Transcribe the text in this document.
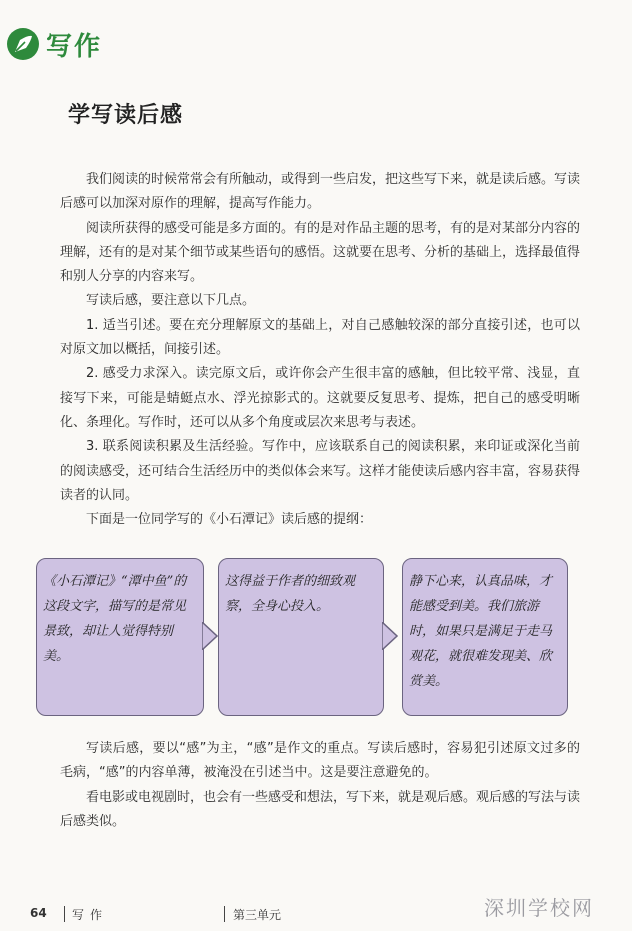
写作
学写读后感

我们阅读的时候常常会有所触动，或得到一些启发，把这些写下来，就是读后感。写读后感可以加深对原作的理解，提高写作能力。

阅读所获得的感受可能是多方面的。有的是对作品主题的思考，有的是对某部分内容的理解，还有的是对某个细节或某些语句的感悟。这就要在思考、分析的基础上，选择最值得和别人分享的内容来写。

写读后感，要注意以下几点。

1. 适当引述。要在充分理解原文的基础上，对自己感触较深的部分直接引述，也可以对原文加以概括，间接引述。

2. 感受力求深入。读完原文后，或许你会产生很丰富的感触，但比较平常、浅显，直接写下来，可能是蜻蜓点水、浮光掠影式的。这就要反复思考、提炼，把自己的感受明晰化、条理化。写作时，还可以从多个角度或层次来思考与表述。

3. 联系阅读积累及生活经验。写作中，应该联系自己的阅读积累，来印证或深化当前的阅读感受，还可结合生活经历中的类似体会来写。这样才能使读后感内容丰富，容易获得读者的认同。

下面是一位同学写的《小石潭记》读后感的提纲：

《小石潭记》“潭中鱼”的这段文字，描写的是常见景致，却让人觉得特别美。
这得益于作者的细致观察，全身心投入。
静下心来，认真品味，才能感受到美。我们旅游时，如果只是满足于走马观花，就很难发现美、欣赏美。

写读后感，要以“感”为主，“感”是作文的重点。写读后感时，容易犯引述原文过多的毛病，“感”的内容单薄，被淹没在引述当中。这是要注意避免的。

看电影或电视剧时，也会有一些感受和想法，写下来，就是观后感。观后感的写法与读后感类似。

64 写作	第三单元	深圳学校网
